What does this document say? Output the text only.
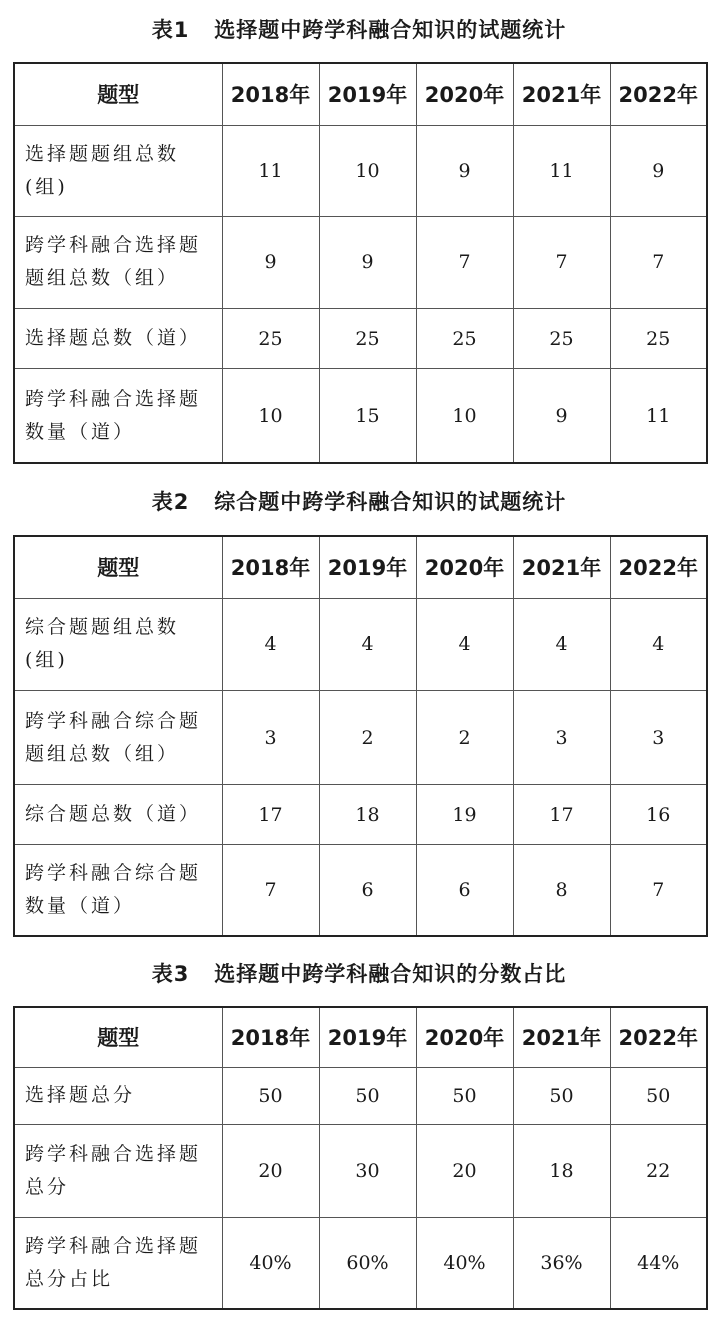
表1   选择题中跨学科融合知识的试题统计
题型	2018年	2019年	2020年	2021年	2022年
选择题题组总数(组)	11	10	9	11	9
跨学科融合选择题题组总数（组）	9	9	7	7	7
选择题总数（道）	25	25	25	25	25
跨学科融合选择题数量（道）	10	15	10	9	11
表2   综合题中跨学科融合知识的试题统计
题型	2018年	2019年	2020年	2021年	2022年
综合题题组总数(组)	4	4	4	4	4
跨学科融合综合题题组总数（组）	3	2	2	3	3
综合题总数（道）	17	18	19	17	16
跨学科融合综合题数量（道）	7	6	6	8	7
表3   选择题中跨学科融合知识的分数占比
题型	2018年	2019年	2020年	2021年	2022年
选择题总分	50	50	50	50	50
跨学科融合选择题总分	20	30	20	18	22
跨学科融合选择题总分占比	40%	60%	40%	36%	44%
